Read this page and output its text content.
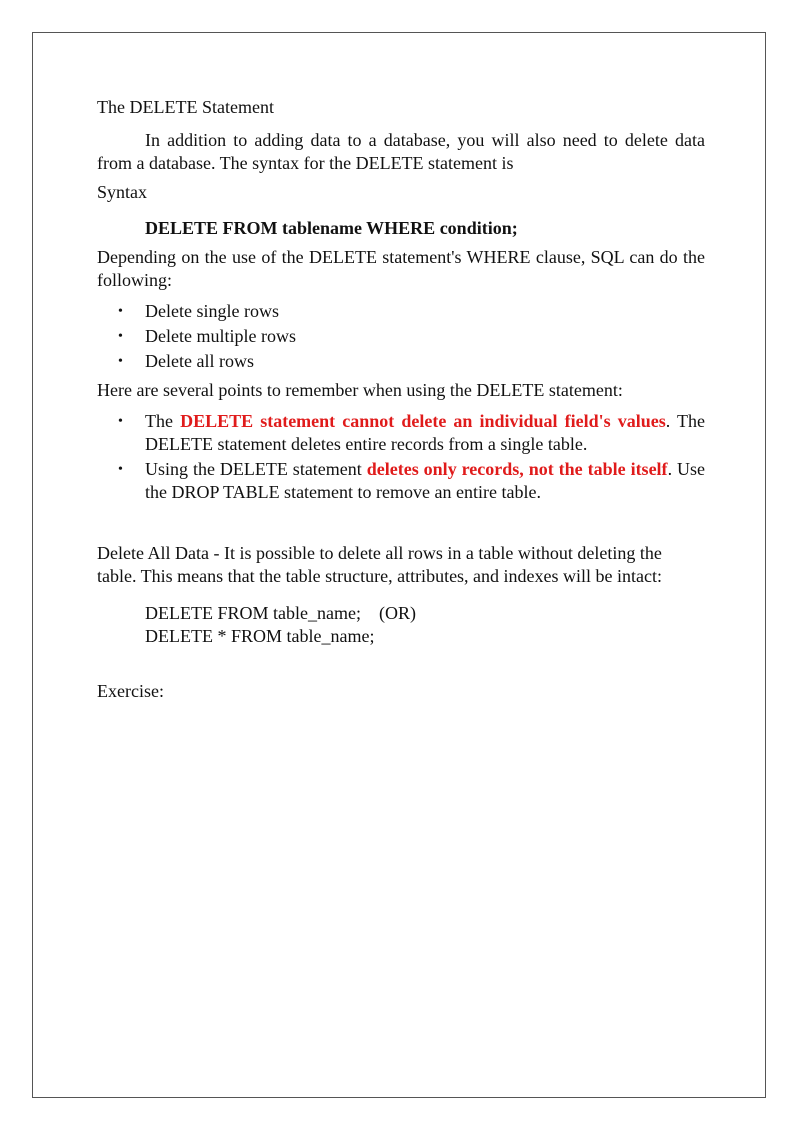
The DELETE Statement

In addition to adding data to a database, you will also need to delete data from a database. The syntax for the DELETE statement is

Syntax

DELETE FROM tablename WHERE condition;

Depending on the use of the DELETE statement's WHERE clause, SQL can do the following:

• Delete single rows
• Delete multiple rows
• Delete all rows

Here are several points to remember when using the DELETE statement:

• The DELETE statement cannot delete an individual field's values. The DELETE statement deletes entire records from a single table.
• Using the DELETE statement deletes only records, not the table itself. Use the DROP TABLE statement to remove an entire table.

Delete All Data - It is possible to delete all rows in a table without deleting the table. This means that the table structure, attributes, and indexes will be intact:

DELETE FROM table_name;    (OR)
DELETE * FROM table_name;

Exercise:
